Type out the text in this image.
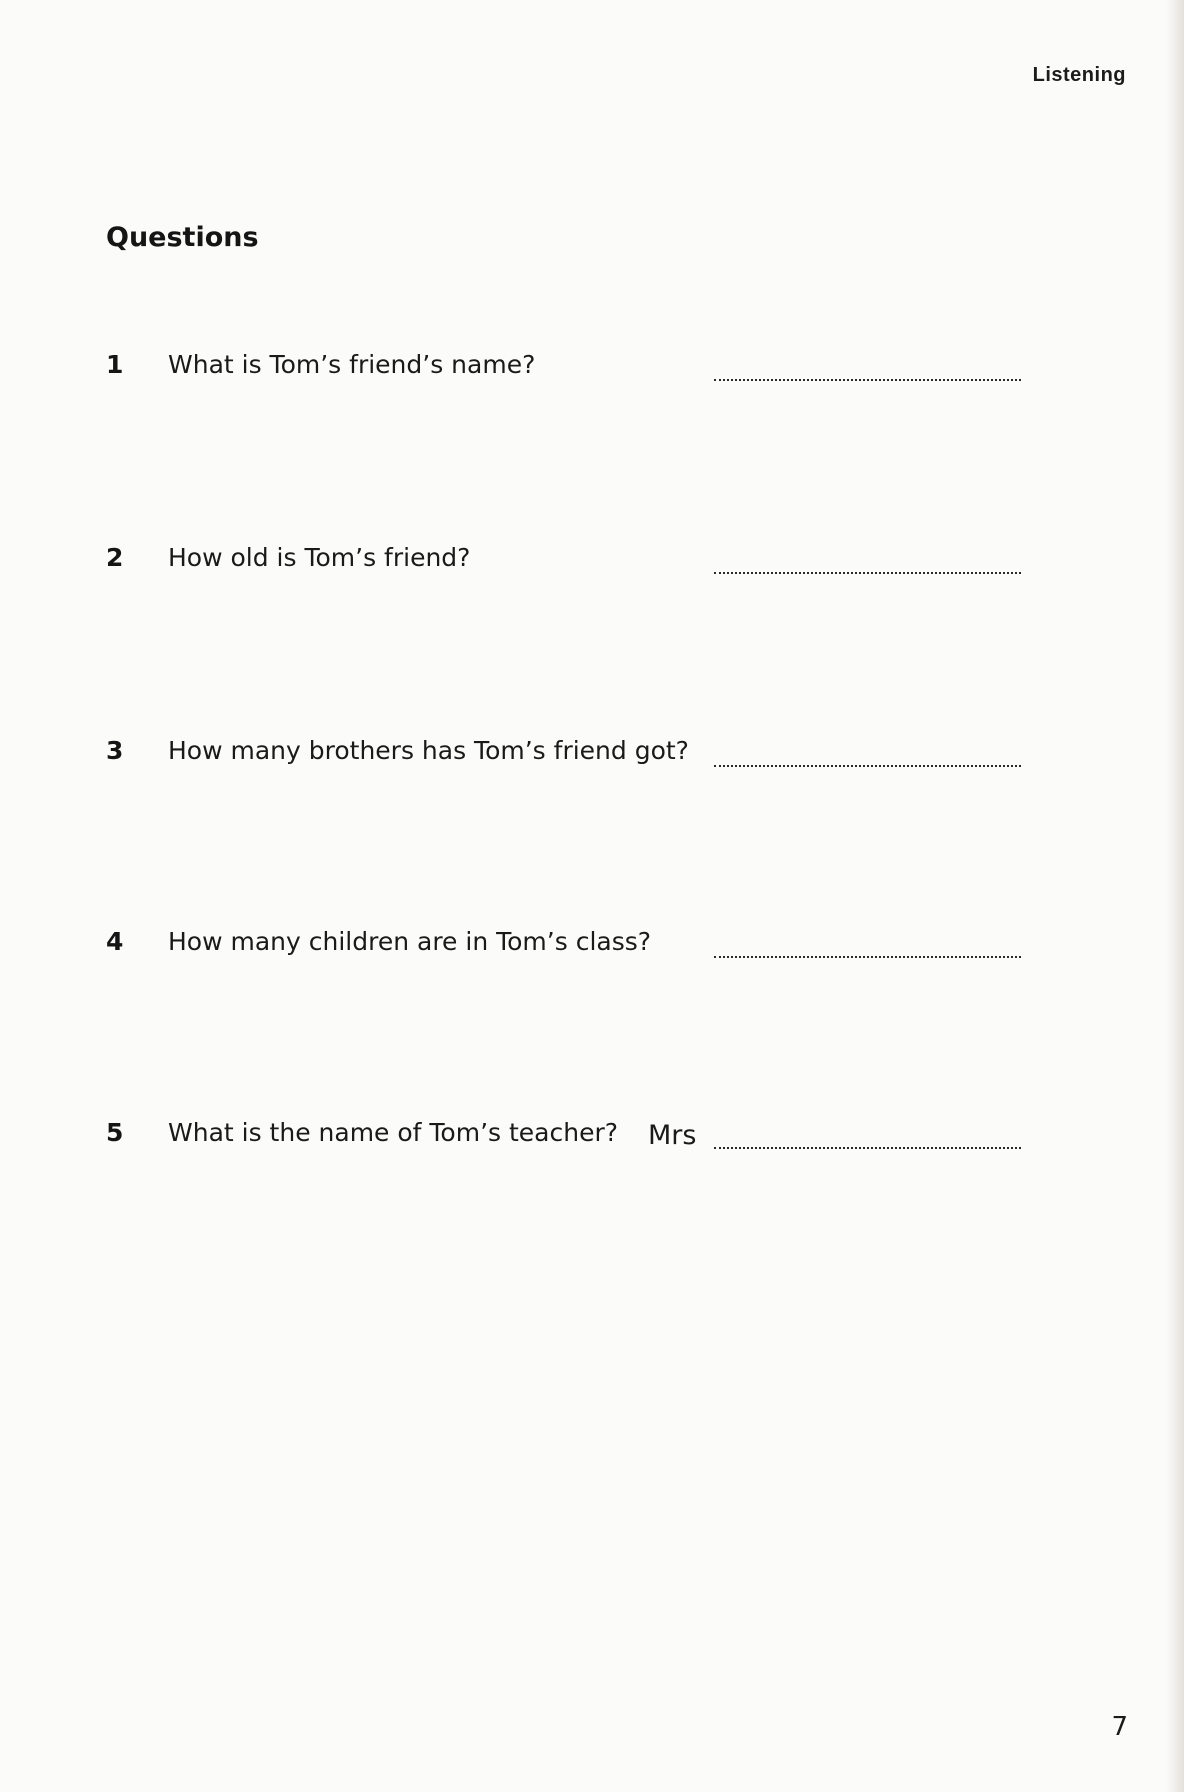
Listening
Questions
1 What is Tom’s friend’s name?
2 How old is Tom’s friend?
3 How many brothers has Tom’s friend got?
4 How many children are in Tom’s class?
5 What is the name of Tom’s teacher? Mrs
7
